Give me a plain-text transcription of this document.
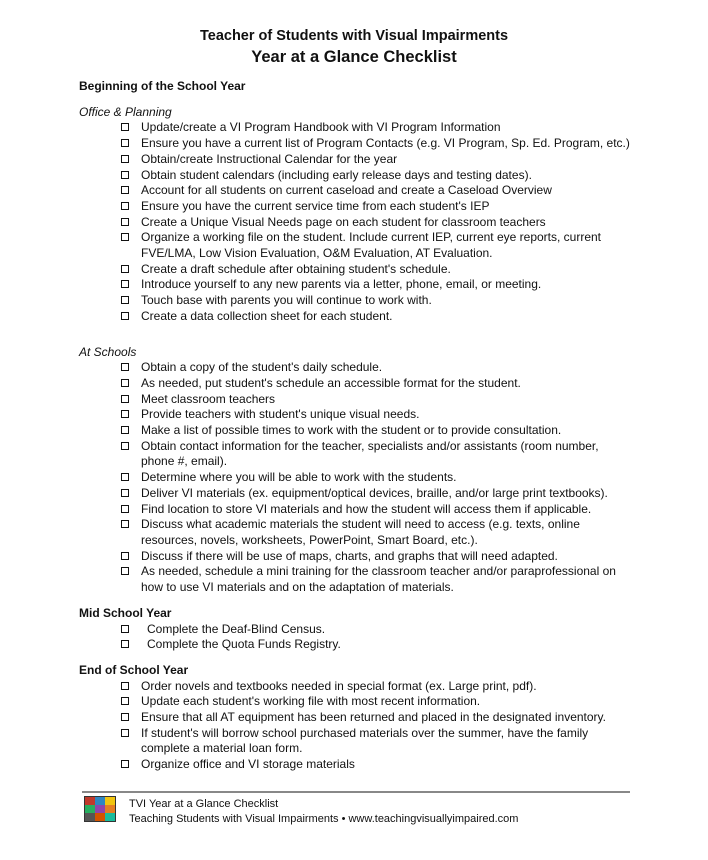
Teacher of Students with Visual Impairments
Year at a Glance Checklist
Beginning of the School Year
Office & Planning
Update/create a VI Program Handbook with VI Program Information
Ensure you have a current list of Program Contacts (e.g. VI Program, Sp. Ed. Program, etc.)
Obtain/create Instructional Calendar for the year
Obtain student calendars (including early release days and testing dates).
Account for all students on current caseload and create a Caseload Overview
Ensure you have the current service time from each student's IEP
Create a Unique Visual Needs page on each student for classroom teachers
Organize a working file on the student. Include current IEP, current eye reports, current
FVE/LMA, Low Vision Evaluation, O&M Evaluation, AT Evaluation.
Create a draft schedule after obtaining student's schedule.
Introduce yourself to any new parents via a letter, phone, email, or meeting.
Touch base with parents you will continue to work with.
Create a data collection sheet for each student.
At Schools
Obtain a copy of the student's daily schedule.
As needed, put student's schedule an accessible format for the student.
Meet classroom teachers
Provide teachers with student's unique visual needs.
Make a list of possible times to work with the student or to provide consultation.
Obtain contact information for the teacher, specialists and/or assistants (room number,
phone #, email).
Determine where you will be able to work with the students.
Deliver VI materials (ex. equipment/optical devices, braille, and/or large print textbooks).
Find location to store VI materials and how the student will access them if applicable.
Discuss what academic materials the student will need to access (e.g. texts, online
resources, novels, worksheets, PowerPoint, Smart Board, etc.).
Discuss if there will be use of maps, charts, and graphs that will need adapted.
As needed, schedule a mini training for the classroom teacher and/or paraprofessional on
how to use VI materials and on the adaptation of materials.
Mid School Year
Complete the Deaf-Blind Census.
Complete the Quota Funds Registry.
End of School Year
Order novels and textbooks needed in special format (ex. Large print, pdf).
Update each student's working file with most recent information.
Ensure that all AT equipment has been returned and placed in the designated inventory.
If student's will borrow school purchased materials over the summer, have the family
complete a material loan form.
Organize office and VI storage materials
TVI Year at a Glance Checklist
Teaching Students with Visual Impairments • www.teachingvisuallyimpaired.com
